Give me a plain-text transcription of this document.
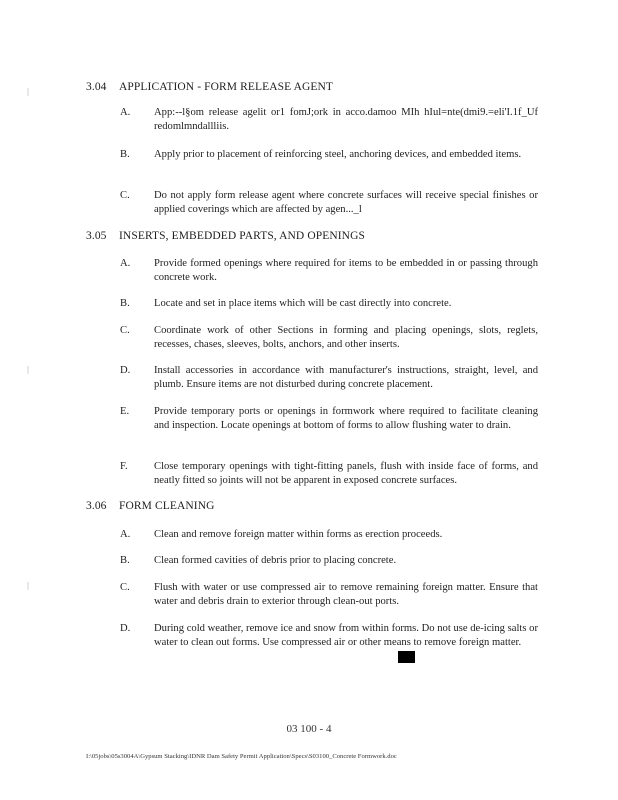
3.04 APPLICATION - FORM RELEASE AGENT
A.	App:--l§om release agelit or1 fomJ;ork in acco.damoo MIh hIul=nte(dmi9.=eli'I.1f_Uf redomlmndallliis.
B.	Apply prior to placement of reinforcing steel, anchoring devices, and embedded items.
C.	Do not apply form release agent where concrete surfaces will receive special finishes or applied coverings which are affected by agen..._l
3.05 INSERTS, EMBEDDED PARTS, AND OPENINGS
A.	Provide formed openings where required for items to be embedded in or passing through concrete work.
B.	Locate and set in place items which will be cast directly into concrete.
C.	Coordinate work of other Sections in forming and placing openings, slots, reglets, recesses, chases, sleeves, bolts, anchors, and other inserts.
D.	Install accessories in accordance with manufacturer's instructions, straight, level, and plumb. Ensure items are not disturbed during concrete placement.
E.	Provide temporary ports or openings in formwork where required to facilitate cleaning and inspection. Locate openings at bottom of forms to allow flushing water to drain.
F.	Close temporary openings with tight-fitting panels, flush with inside face of forms, and neatly fitted so joints will not be apparent in exposed concrete surfaces.
3.06 FORM CLEANING
A.	Clean and remove foreign matter within forms as erection proceeds.
B.	Clean formed cavities of debris prior to placing concrete.
C.	Flush with water or use compressed air to remove remaining foreign matter. Ensure that water and debris drain to exterior through clean-out ports.
D.	During cold weather, remove ice and snow from within forms. Do not use de-icing salts or water to clean out forms. Use compressed air or other means to remove foreign matter.
03 100 - 4
I:\05jobs\05s3004A\Gypsum Stacking\IDNR Dam Safety Permit Application\Specs\S03100_Concrete Formwork.doc
